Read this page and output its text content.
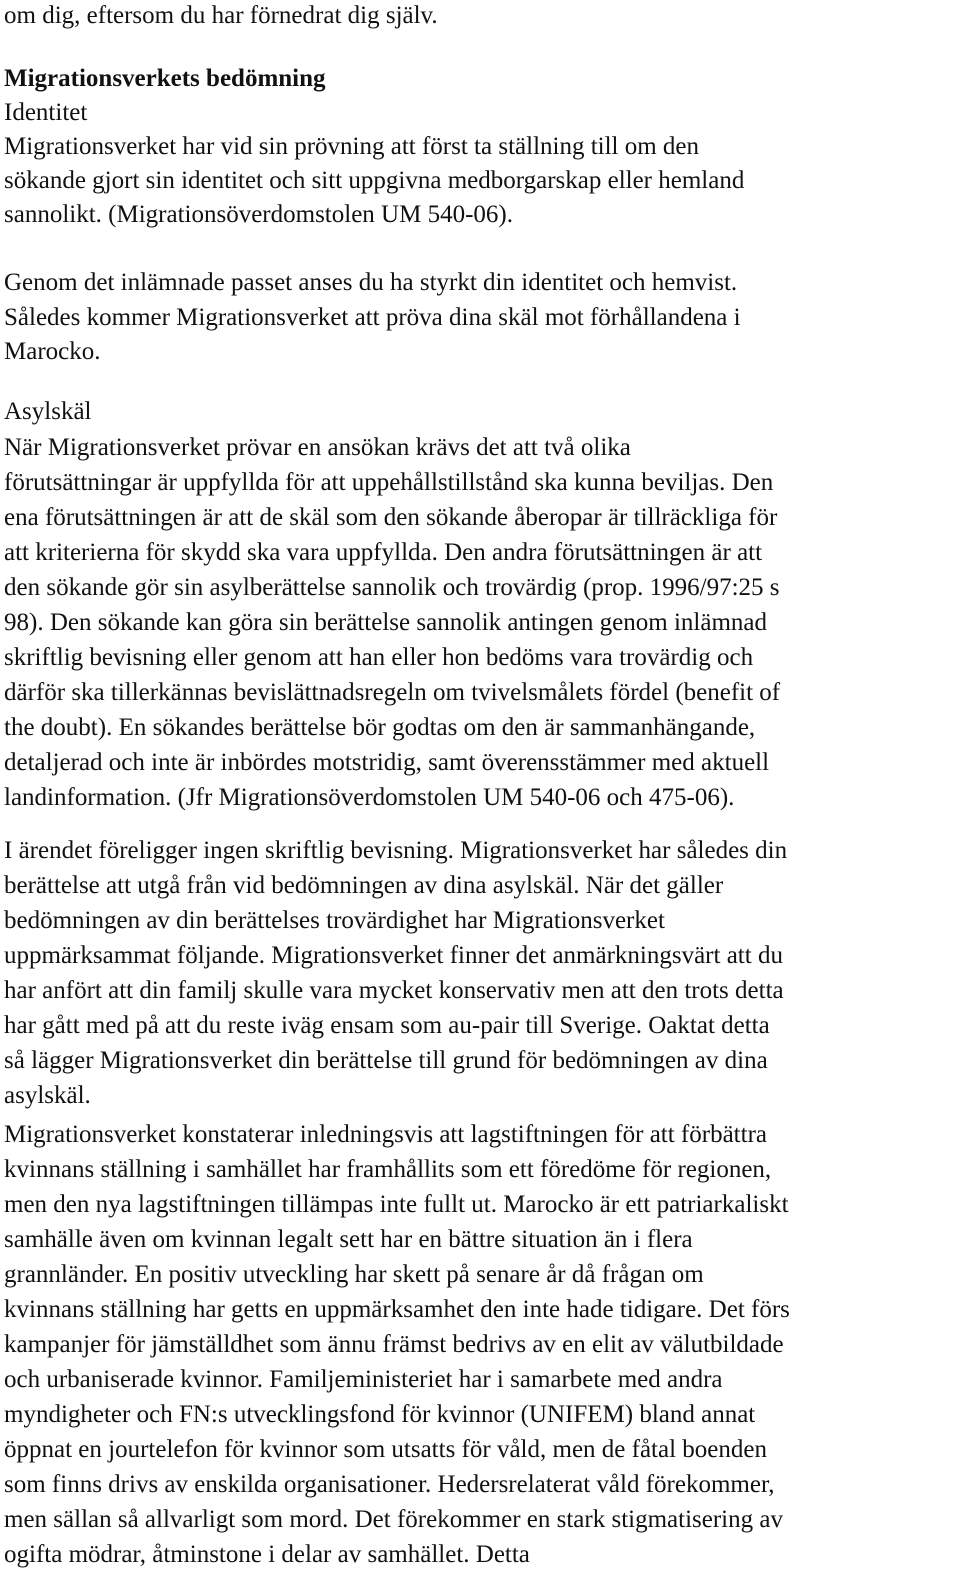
om dig, eftersom du har förnedrat dig själv.
Migrationsverkets bedömning
Identitet
Migrationsverket har vid sin prövning att först ta ställning till om den
sökande gjort sin identitet och sitt uppgivna medborgarskap eller hemland
sannolikt. (Migrationsöverdomstolen UM 540-06).
Genom det inlämnade passet anses du ha styrkt din identitet och hemvist.
Således kommer Migrationsverket att pröva dina skäl mot förhållandena i
Marocko.
Asylskäl
När Migrationsverket prövar en ansökan krävs det att två olika
förutsättningar är uppfyllda för att uppehållstillstånd ska kunna beviljas. Den
ena förutsättningen är att de skäl som den sökande åberopar är tillräckliga för
att kriterierna för skydd ska vara uppfyllda. Den andra förutsättningen är att
den sökande gör sin asylberättelse sannolik och trovärdig (prop. 1996/97:25 s
98). Den sökande kan göra sin berättelse sannolik antingen genom inlämnad
skriftlig bevisning eller genom att han eller hon bedöms vara trovärdig och
därför ska tillerkännas bevislättnadsregeln om tvivelsmålets fördel (benefit of
the doubt). En sökandes berättelse bör godtas om den är sammanhängande,
detaljerad och inte är inbördes motstridig, samt överensstämmer med aktuell
landinformation. (Jfr Migrationsöverdomstolen UM 540-06 och 475-06).
I ärendet föreligger ingen skriftlig bevisning. Migrationsverket har således din
berättelse att utgå från vid bedömningen av dina asylskäl. När det gäller
bedömningen av din berättelses trovärdighet har Migrationsverket
uppmärksammat följande. Migrationsverket finner det anmärkningsvärt att du
har anfört att din familj skulle vara mycket konservativ men att den trots detta
har gått med på att du reste iväg ensam som au-pair till Sverige. Oaktat detta
så lägger Migrationsverket din berättelse till grund för bedömningen av dina
asylskäl.
Migrationsverket konstaterar inledningsvis att lagstiftningen för att förbättra
kvinnans ställning i samhället har framhållits som ett föredöme för regionen,
men den nya lagstiftningen tillämpas inte fullt ut. Marocko är ett patriarkaliskt
samhälle även om kvinnan legalt sett har en bättre situation än i flera
grannländer. En positiv utveckling har skett på senare år då frågan om
kvinnans ställning har getts en uppmärksamhet den inte hade tidigare. Det förs
kampanjer för jämställdhet som ännu främst bedrivs av en elit av välutbildade
och urbaniserade kvinnor. Familjeministeriet har i samarbete med andra
myndigheter och FN:s utvecklingsfond för kvinnor (UNIFEM) bland annat
öppnat en jourtelefon för kvinnor som utsatts för våld, men de fåtal boenden
som finns drivs av enskilda organisationer. Hedersrelaterat våld förekommer,
men sällan så allvarligt som mord. Det förekommer en stark stigmatisering av
ogifta mödrar, åtminstone i delar av samhället. Detta
